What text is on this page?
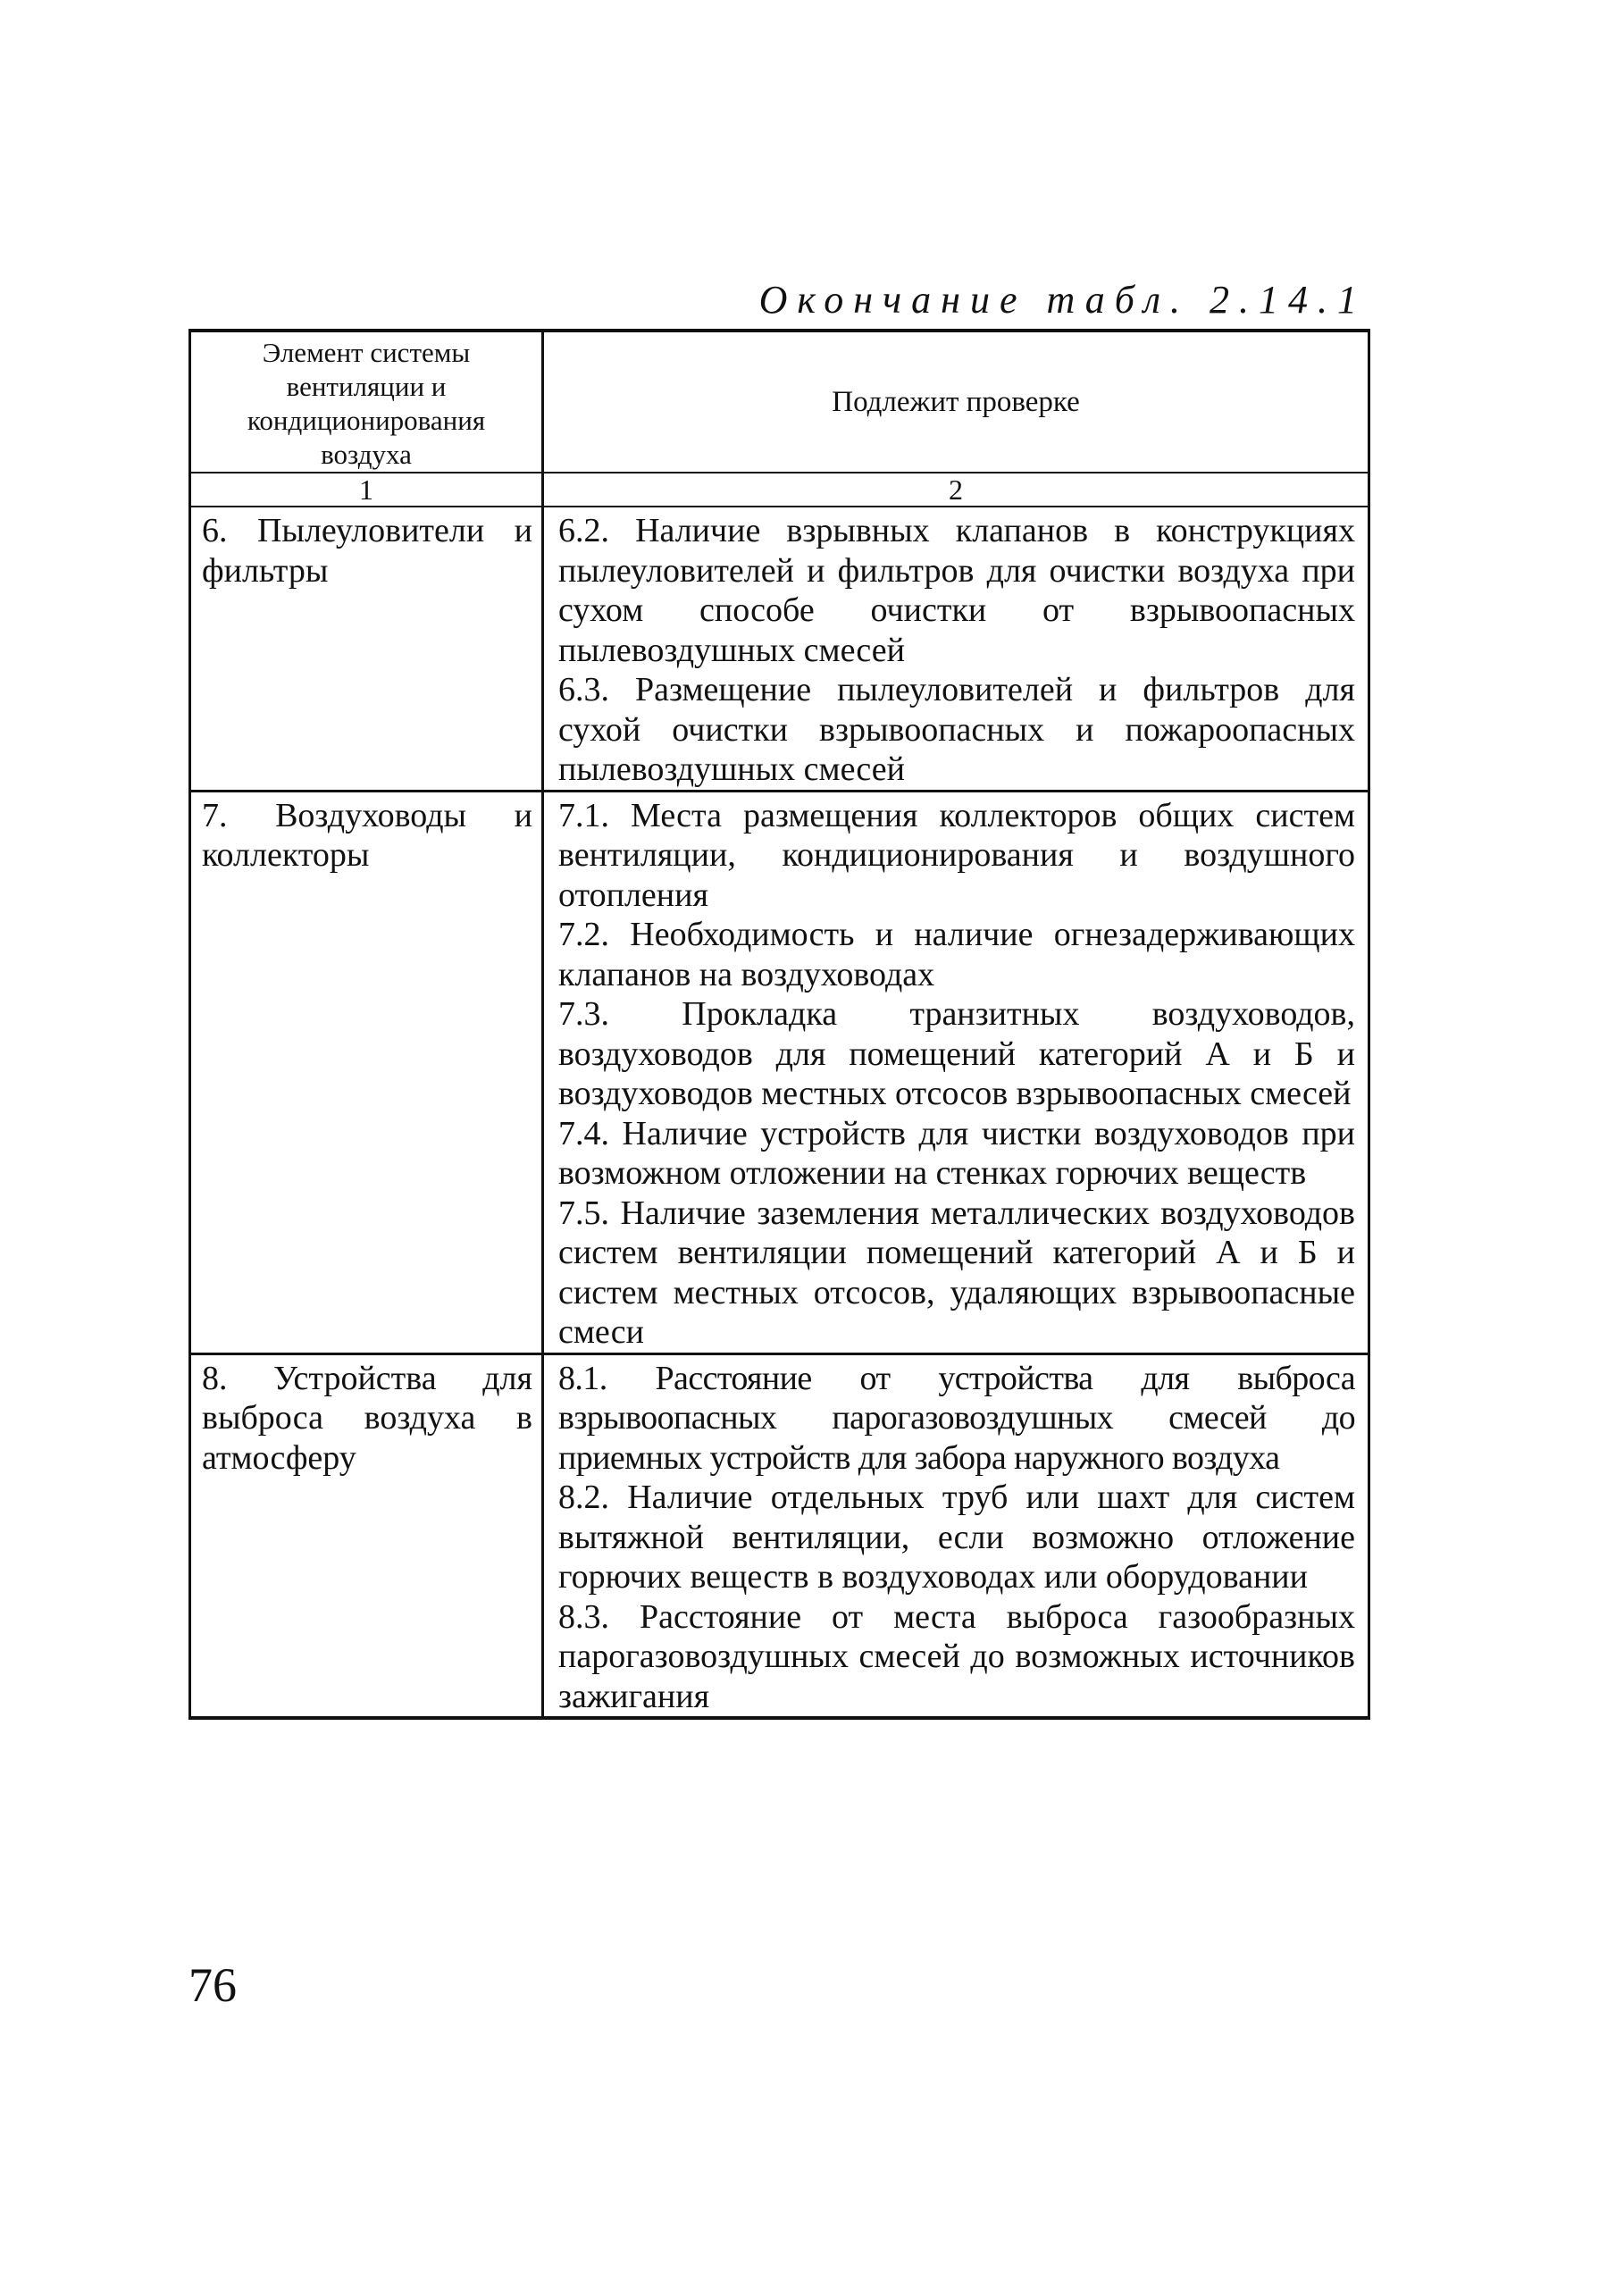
Окончание табл. 2.14.1
Элемент системы вентиляции и кондиционирования воздуха	Подлежит проверке
1	2
6. Пылеуловители и фильтры	6.2. Наличие взрывных клапанов в конструкциях пылеуловителей и фильтров для очистки воздуха при сухом способе очистки от взрывоопасных пылевоздушных смесей
6.3. Размещение пылеуловителей и фильтров для сухой очистки взрывоопасных и пожароопасных пылевоздушных смесей

7. Воздуховоды и коллекторы	7.1. Места размещения коллекторов общих систем вентиляции, кондиционирования и воздушного отопления
7.2. Необходимость и наличие огнезадерживающих клапанов на воздуховодах
7.3. Прокладка транзитных воздуховодов, воздуховодов для помещений категорий А и Б и воздуховодов местных отсосов взрывоопасных смесей
7.4. Наличие устройств для чистки воздуховодов при возможном отложении на стенках горючих веществ
7.5. Наличие заземления металлических воздуховодов систем вентиляции помещений категорий А и Б и систем местных отсосов, удаляющих взрывоопасные смеси

8. Устройства для выброса воздуха в атмосферу	8.1. Расстояние от устройства для выброса взрывоопасных парогазовоздушных смесей до приемных устройств для забора наружного воздуха
8.2. Наличие отдельных труб или шахт для систем вытяжной вентиляции, если возможно отложение горючих веществ в воздуховодах или оборудовании
8.3. Расстояние от места выброса газообразных парогазовоздушных смесей до возможных источников зажигания
76
